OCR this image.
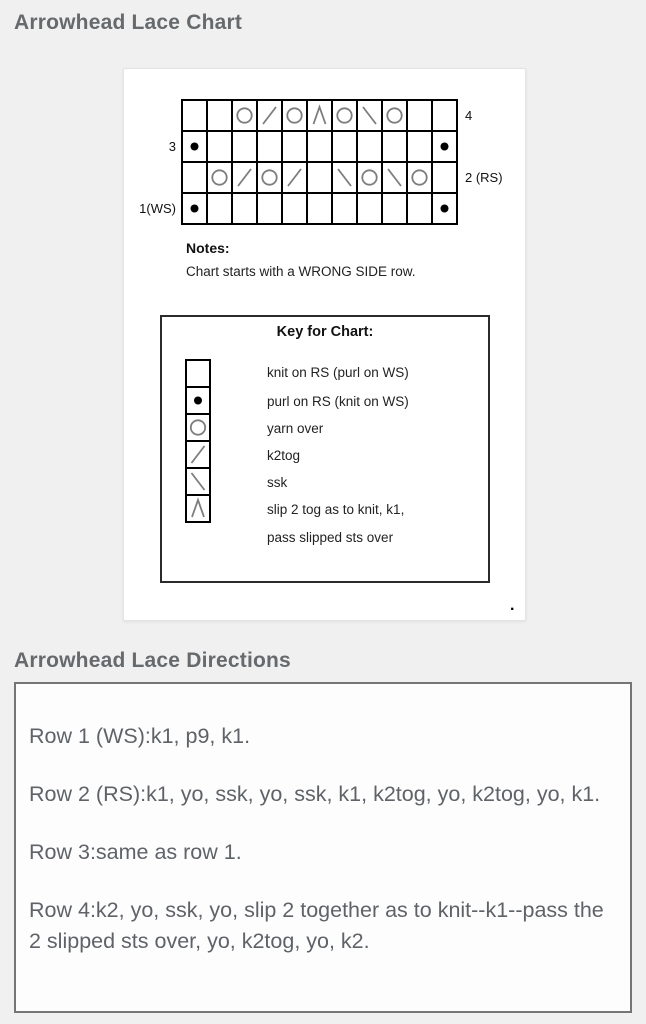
Arrowhead Lace Chart
4
3
2 (RS)
1(WS)
Notes:
Chart starts with a WRONG SIDE row.
Key for Chart:
knit on RS (purl on WS)
purl on RS (knit on WS)
yarn over
k2tog
ssk
slip 2 tog as to knit, k1,
pass slipped sts over
.
Arrowhead Lace Directions

Row 1 (WS):k1, p9, k1.

Row 2 (RS):k1, yo, ssk, yo, ssk, k1, k2tog, yo, k2tog, yo, k1.

Row 3:same as row 1.

Row 4:k2, yo, ssk, yo, slip 2 together as to knit--k1--pass the 2 slipped sts over, yo, k2tog, yo, k2.
